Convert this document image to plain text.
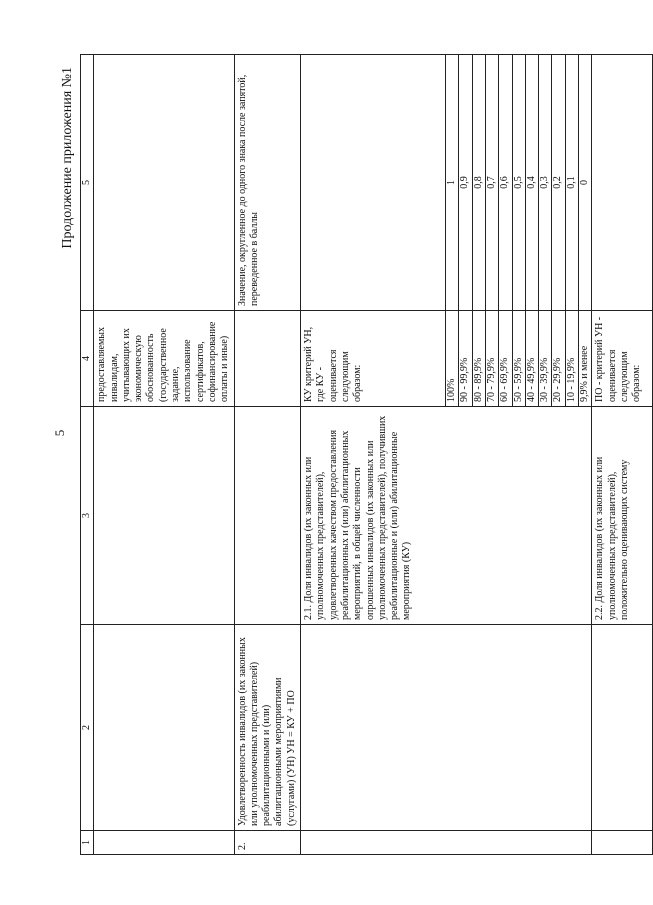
5
Продолжение приложения №1
1	2	3	4	5
			предоставляемых инвалидам, учитывающих их экономическую обоснованность (государственное задание, использование сертификатов, софинансирование оплаты и иные)	
2.	Удовлетворенность инвалидов (их законных или уполномоченных представителей) реабилитационными и (или) абилитационными мероприятиями (услугами) (УН) УН = КУ + ПО			Значение, округленное до одного знака после запятой, переведенное в баллы
		2.1. Доля инвалидов (их законных или уполномоченных представителей), удовлетворенных качеством предоставления реабилитационных и (или) абилитационных мероприятий, в общей численности опрошенных инвалидов (их законных или уполномоченных представителей), получивших реабилитационные и (или) абилитационные мероприятия (КУ)	КУ критерий УН, где КУ - оценивается следующим образом:	
			100%	1
			90 - 99,9%	0,9
			80 - 89,9%	0,8
			70 - 79,9%	0,7
			60 - 69,9%	0,6
			50 - 59,9%	0,5
			40 - 49,9%	0,4
			30 - 39,9%	0,3
			20 - 29,9%	0,2
			10 - 19,9%	0,1
			9,9% и менее	0
		2.2. Доля инвалидов (их законных или уполномоченных представителей), положительно оценивающих систему	ПО - критерий УН - оценивается следующим образом:	
